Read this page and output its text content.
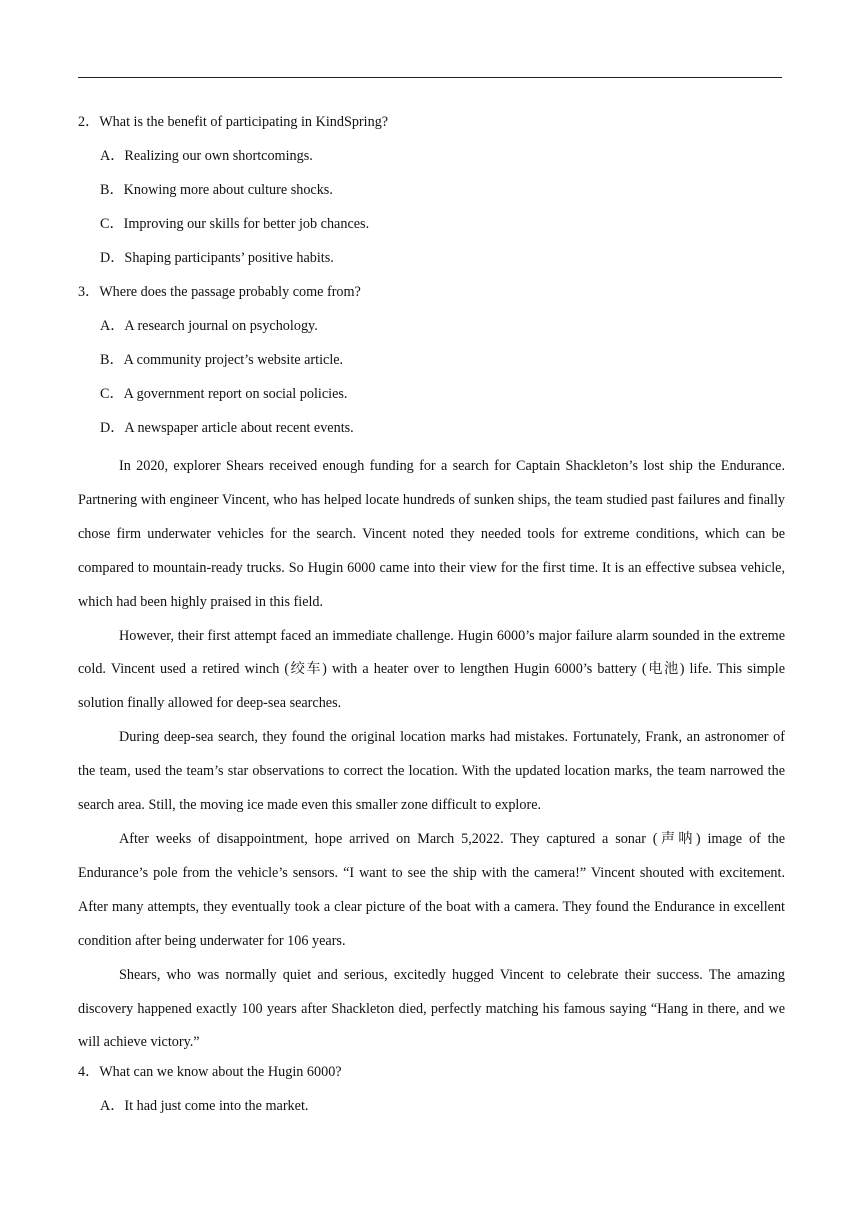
2．What is the benefit of participating in KindSpring?
A．Realizing our own shortcomings.
B．Knowing more about culture shocks.
C．Improving our skills for better job chances.
D．Shaping participants’ positive habits.
3．Where does the passage probably come from?
A．A research journal on psychology.
B．A community project’s website article.
C．A government report on social policies.
D．A newspaper article about recent events.

In 2020, explorer Shears received enough funding for a search for Captain Shackleton’s lost ship the Endurance. Partnering with engineer Vincent, who has helped locate hundreds of sunken ships, the team studied past failures and finally chose firm underwater vehicles for the search. Vincent noted they needed tools for extreme conditions, which can be compared to mountain-ready trucks. So Hugin 6000 came into their view for the first time. It is an effective subsea vehicle, which had been highly praised in this field.

However, their first attempt faced an immediate challenge. Hugin 6000’s major failure alarm sounded in the extreme cold. Vincent used a retired winch (绞车) with a heater over to lengthen Hugin 6000’s battery (电池) life. This simple solution finally allowed for deep-sea searches.

During deep-sea search, they found the original location marks had mistakes. Fortunately, Frank, an astronomer of the team, used the team’s star observations to correct the location. With the updated location marks, the team narrowed the search area. Still, the moving ice made even this smaller zone difficult to explore.

After weeks of disappointment, hope arrived on March 5,2022. They captured a sonar (声呐) image of the Endurance’s pole from the vehicle’s sensors. “I want to see the ship with the camera!” Vincent shouted with excitement. After many attempts, they eventually took a clear picture of the boat with a camera. They found the Endurance in excellent condition after being underwater for 106 years.

Shears, who was normally quiet and serious, excitedly hugged Vincent to celebrate their success. The amazing discovery happened exactly 100 years after Shackleton died, perfectly matching his famous saying “Hang in there, and we will achieve victory.”

4．What can we know about the Hugin 6000?
A．It had just come into the market.
